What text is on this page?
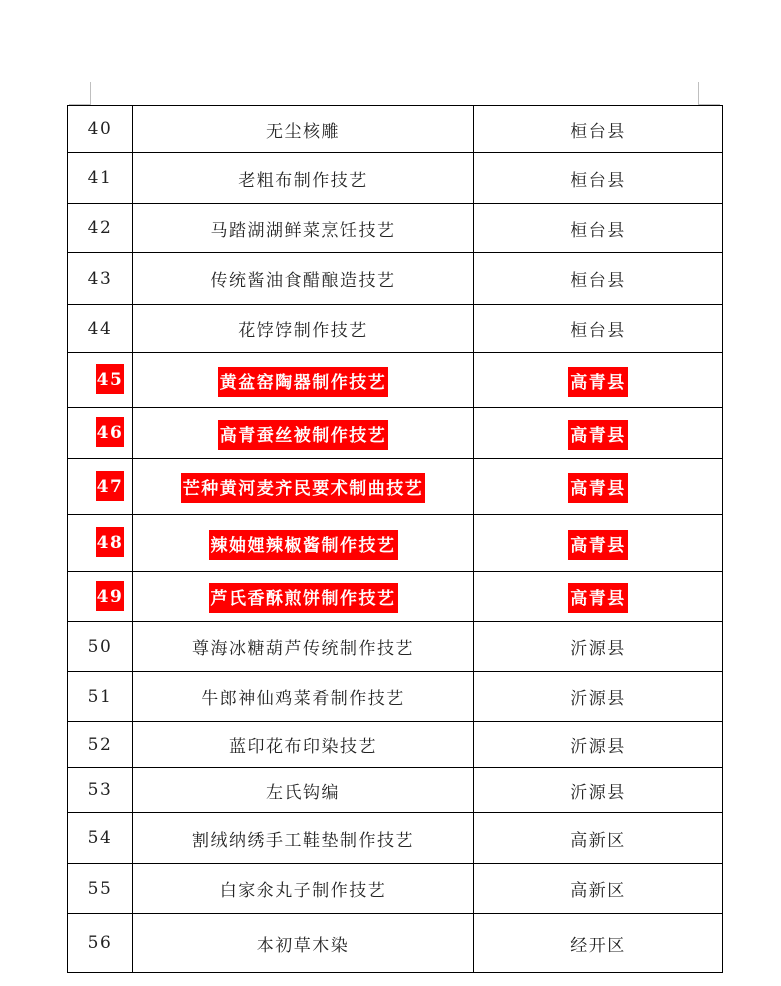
40	无尘核雕	桓台县
41	老粗布制作技艺	桓台县
42	马踏湖湖鲜菜烹饪技艺	桓台县
43	传统酱油食醋酿造技艺	桓台县
44	花饽饽制作技艺	桓台县
45	黄盆窑陶器制作技艺	高青县
46	高青蚕丝被制作技艺	高青县
47	芒种黄河麦齐民要术制曲技艺	高青县
48	辣妯娌辣椒酱制作技艺	高青县
49	芦氏香酥煎饼制作技艺	高青县
50	尊海冰糖葫芦传统制作技艺	沂源县
51	牛郎神仙鸡菜肴制作技艺	沂源县
52	蓝印花布印染技艺	沂源县
53	左氏钩编	沂源县
54	割绒纳绣手工鞋垫制作技艺	高新区
55	白家氽丸子制作技艺	高新区
56	本初草木染	经开区
